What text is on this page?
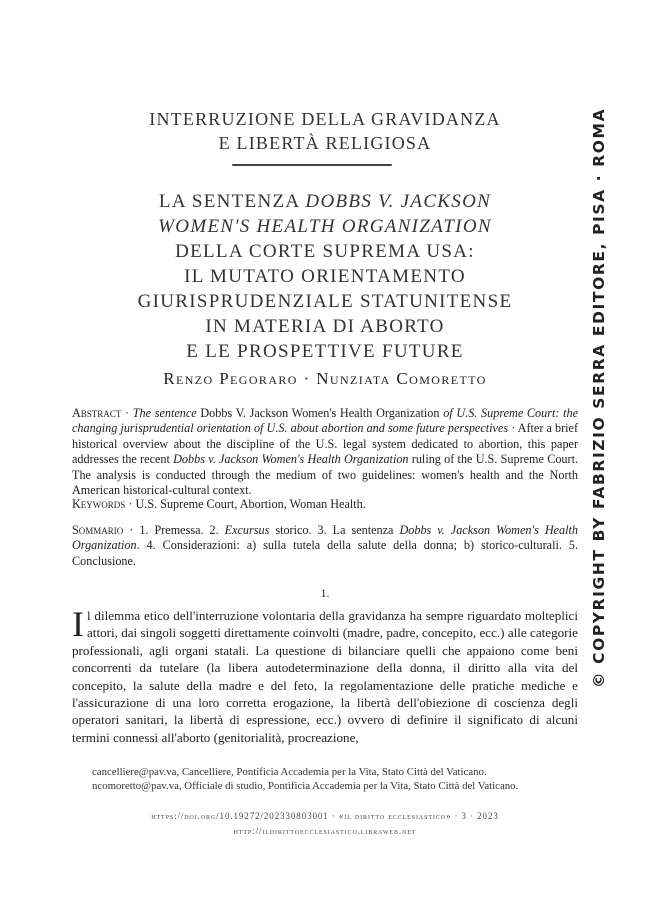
INTERRUZIONE DELLA GRAVIDANZA
E LIBERTÀ RELIGIOSA
LA SENTENZA DOBBS V. JACKSON
WOMEN'S HEALTH ORGANIZATION
DELLA CORTE SUPREMA USA:
IL MUTATO ORIENTAMENTO
GIURISPRUDENZIALE STATUNITENSE
IN MATERIA DI ABORTO
E LE PROSPETTIVE FUTURE
Renzo Pegoraro · Nunziata Comoretto
Abstract · The sentence Dobbs V. Jackson Women's Health Organization of U.S. Supreme Court: the changing jurisprudential orientation of U.S. about abortion and some future perspectives · After a brief historical overview about the discipline of the U.S. legal system dedicated to abortion, this paper addresses the recent Dobbs v. Jackson Women's Health Organization ruling of the U.S. Supreme Court. The analysis is conducted through the medium of two guidelines: women's health and the North American historical-cultural context.
Keywords · U.S. Supreme Court, Abortion, Woman Health.
Sommario · 1. Premessa. 2. Excursus storico. 3. La sentenza Dobbs v. Jackson Women's Health Organization. 4. Considerazioni: a) sulla tutela della salute della donna; b) storico-culturali. 5. Conclusione.
1.
Il dilemma etico dell'interruzione volontaria della gravidanza ha sempre riguardato molteplici attori, dai singoli soggetti direttamente coinvolti (madre, padre, concepito, ecc.) alle categorie professionali, agli organi statali. La questione di bilanciare quelli che appaiono come beni concorrenti da tutelare (la libera autodeterminazione della donna, il diritto alla vita del concepito, la salute della madre e del feto, la regolamentazione delle pratiche mediche e l'assicurazione di una loro corretta erogazione, la libertà dell'obiezione di coscienza degli operatori sanitari, la libertà di espressione, ecc.) ovvero di definire il significato di alcuni termini connessi all'aborto (genitorialità, procreazione,
cancelliere@pav.va, Cancelliere, Pontificia Accademia per la Vita, Stato Città del Vaticano.
ncomoretto@pav.va, Officiale di studio, Pontificia Accademia per la Vita, Stato Città del Vaticano.
https://doi.org/10.19272/202330803001 · «il diritto ecclesiastico» · 3 · 2023
http://ildirittoecclesiastico.libraweb.net
© COPYRIGHT BY FABRIZIO SERRA EDITORE, PISA · ROMA
